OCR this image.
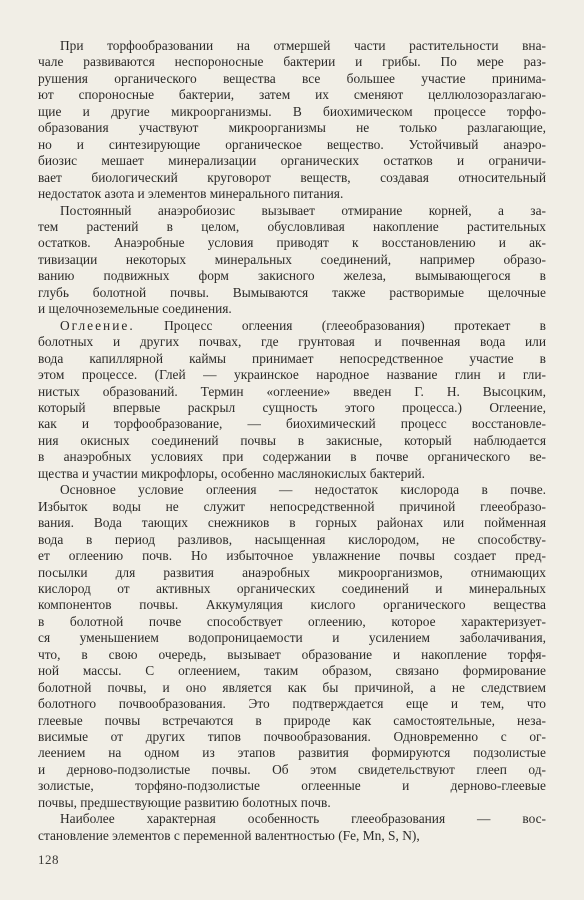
При торфообразовании на отмершей части растительности вна-
чале развиваются неспороносные бактерии и грибы. По мере раз-
рушения органического вещества все большее участие принима-
ют спороносные бактерии, затем их сменяют целлюлозоразлагаю-
щие и другие микроорганизмы. В биохимическом процессе торфо-
образования участвуют микроорганизмы не только разлагающие,
но и синтезирующие органическое вещество. Устойчивый анаэро-
биозис мешает минерализации органических остатков и ограничи-
вает биологический круговорот веществ, создавая относительный
недостаток азота и элементов минерального питания.

Постоянный анаэробиозис вызывает отмирание корней, а за-
тем растений в целом, обусловливая накопление растительных
остатков. Анаэробные условия приводят к восстановлению и ак-
тивизации некоторых минеральных соединений, например образо-
ванию подвижных форм закисного железа, вымывающегося в
глубь болотной почвы. Вымываются также растворимые щелочные
и щелочноземельные соединения.

Оглеение. Процесс оглеения (глееобразования) протекает в
болотных и других почвах, где грунтовая и почвенная вода или
вода капиллярной каймы принимает непосредственное участие в
этом процессе. (Глей — украинское народное название глин и гли-
нистых образований. Термин «оглеение» введен Г. Н. Высоцким,
который впервые раскрыл сущность этого процесса.) Оглеение,
как и торфообразование, — биохимический процесс восстановле-
ния окисных соединений почвы в закисные, который наблюдается
в анаэробных условиях при содержании в почве органического ве-
щества и участии микрофлоры, особенно маслянокислых бактерий.

Основное условие оглеения — недостаток кислорода в почве.
Избыток воды не служит непосредственной причиной глееобразо-
вания. Вода тающих снежников в горных районах или пойменная
вода в период разливов, насыщенная кислородом, не способству-
ет оглеению почв. Но избыточное увлажнение почвы создает пред-
посылки для развития анаэробных микроорганизмов, отнимающих
кислород от активных органических соединений и минеральных
компонентов почвы. Аккумуляция кислого органического вещества
в болотной почве способствует оглеению, которое характеризует-
ся уменьшением водопроницаемости и усилением заболачивания,
что, в свою очередь, вызывает образование и накопление торфя-
ной массы. С оглеением, таким образом, связано формирование
болотной почвы, и оно является как бы причиной, а не следствием
болотного почвообразования. Это подтверждается еще и тем, что
глеевые почвы встречаются в природе как самостоятельные, неза-
висимые от других типов почвообразования. Одновременно с ог-
леением на одном из этапов развития формируются подзолистые
и дерново-подзолистые почвы. Об этом свидетельствуют глееп од-
золистые, торфяно-подзолистые оглеенные и дерново-глеевые
почвы, предшествующие развитию болотных почв.

Наиболее характерная особенность глееобразования — вос-
становление элементов с переменной валентностью (Fe, Mn, S, N),

128
